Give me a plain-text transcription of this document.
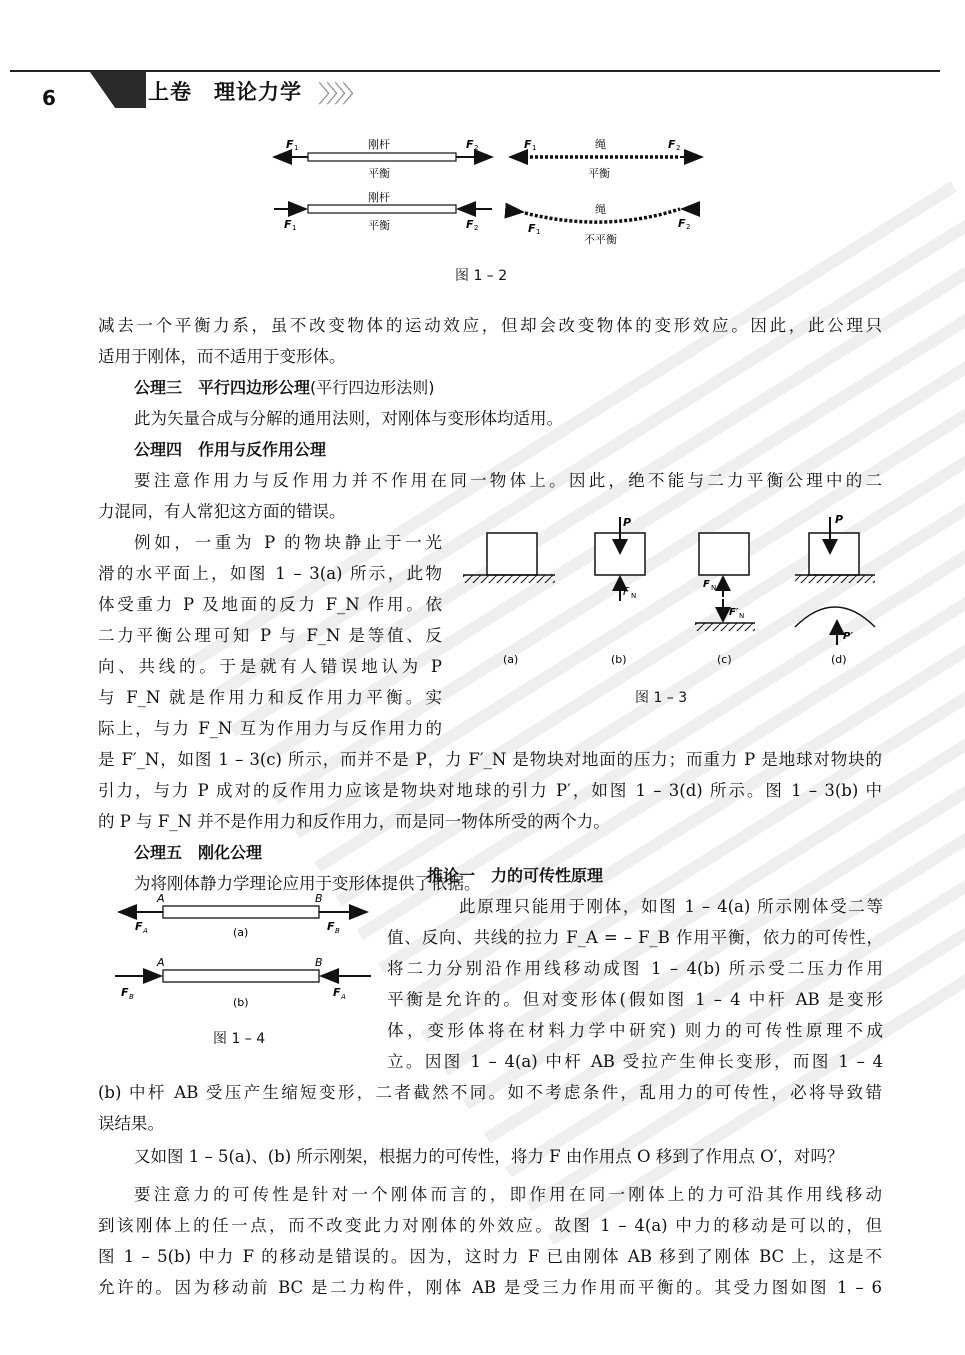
6	上卷　理论力学 〉〉〉〉
F 1	F 2
刚杆
平衡
刚杆
F 1	F 2
平衡
F 1	F 2
绳
平衡
F 1
F 2
绳
不平衡
图 1 – 2
减去一个平衡力系，虽不改变物体的运动效应，但却会改变物体的变形效应。因此，此公理只
适用于刚体，而不适用于变形体。
公理三　平行四边形公理(平行四边形法则)
此为矢量合成与分解的通用法则，对刚体与变形体均适用。
公理四　作用与反作用公理
要注意作用力与反作用力并不作用在同一物体上。因此，绝不能与二力平衡公理中的二
力混同，有人常犯这方面的错误。
例如，一重为 P 的物块静止于一光
滑的水平面上，如图 1 – 3(a) 所示，此物
体受重力 P 及地面的反力 F_N 作用。依
二力平衡公理可知 P 与 F_N 是等值、反
向、共线的。于是就有人错误地认为 P
与 F_N 就是作用力和反作用力平衡。实
际上，与力 F_N 互为作用力与反作用力的
(a)
P
F N
(b)
F N
F′ N
(c)
P
P′
(d)
图 1 – 3
是 F′_N，如图 1 – 3(c) 所示，而并不是 P，力 F′_N 是物块对地面的压力；而重力 P 是地球对物块的
引力，与力 P 成对的反作用力应该是物块对地球的引力 P′，如图 1 – 3(d) 所示。图 1 – 3(b) 中
的 P 与 F_N 并不是作用力和反作用力，而是同一物体所受的两个力。
公理五　刚化公理
为将刚体静力学理论应用于变形体提供了依据。
A	B
F A	F B
(a)
A	B
F B	F A
(b)
图 1 – 4
推论一　力的可传性原理
此原理只能用于刚体，如图 1 – 4(a) 所示刚体受二等
值、反向、共线的拉力 F_A = – F_B 作用平衡，依力的可传性，
将二力分别沿作用线移动成图 1 – 4(b) 所示受二压力作用
平衡是允许的。但对变形体(假如图 1 – 4 中杆 AB 是变形
体，变形体将在材料力学中研究) 则力的可传性原理不成
立。因图 1 – 4(a) 中杆 AB 受拉产生伸长变形，而图 1 – 4
(b) 中杆 AB 受压产生缩短变形，二者截然不同。如不考虑条件，乱用力的可传性，必将导致错
误结果。
又如图 1 – 5(a)、(b) 所示刚架，根据力的可传性，将力 F 由作用点 O 移到了作用点 O′，对吗？
要注意力的可传性是针对一个刚体而言的，即作用在同一刚体上的力可沿其作用线移动
到该刚体上的任一点，而不改变此力对刚体的外效应。故图 1 – 4(a) 中力的移动是可以的，但
图 1 – 5(b) 中力 F 的移动是错误的。因为，这时力 F 已由刚体 AB 移到了刚体 BC 上，这是不
允许的。因为移动前 BC 是二力构件，刚体 AB 是受三力作用而平衡的。其受力图如图 1 – 6
